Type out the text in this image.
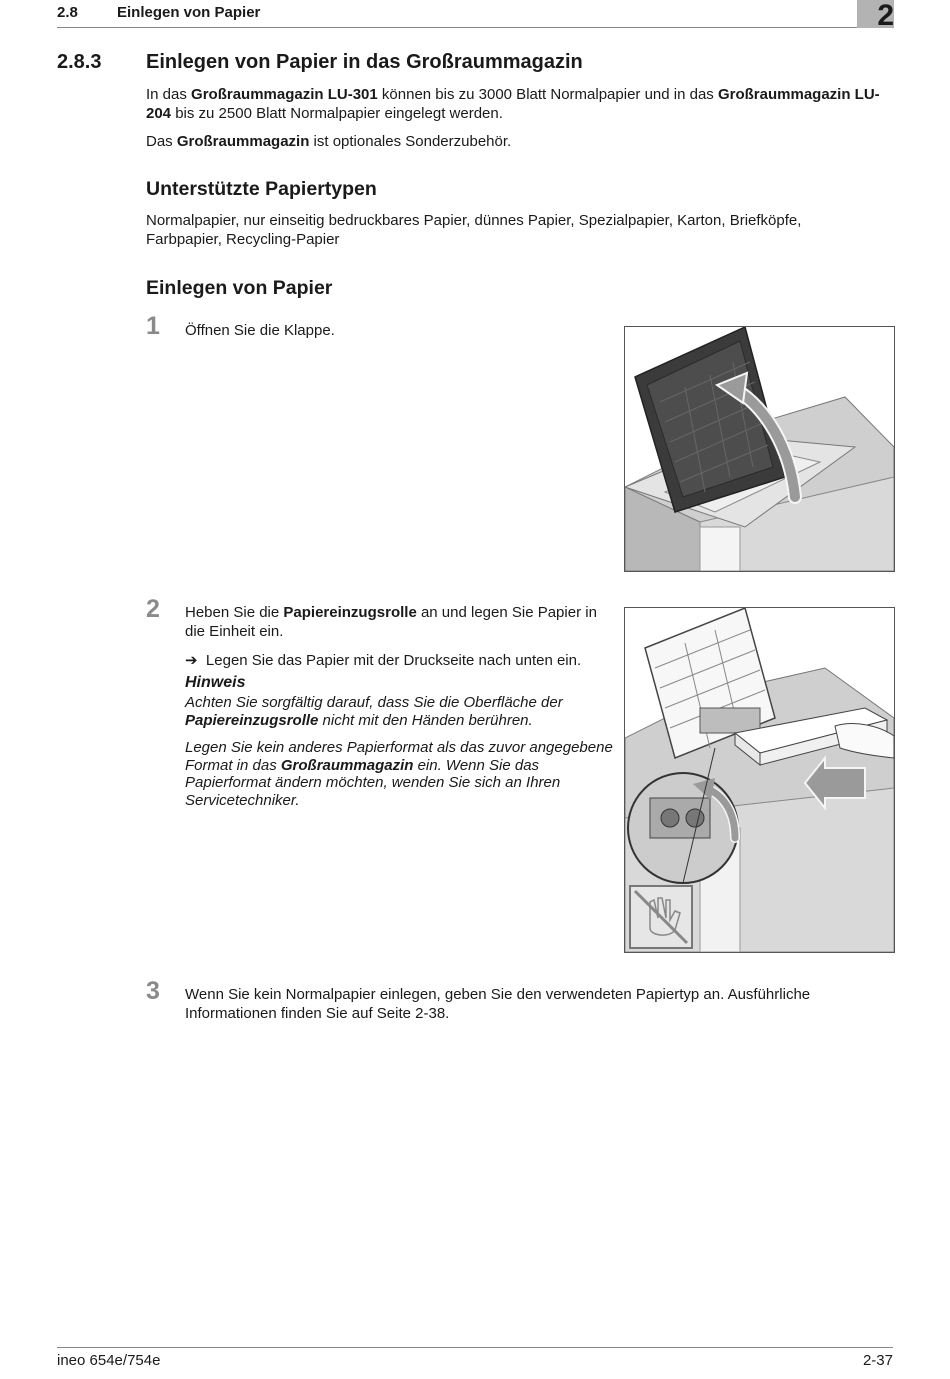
2.8	Einlegen von Papier	2
2.8.3 Einlegen von Papier in das Großraummagazin
In das Großraummagazin LU-301 können bis zu 3000 Blatt Normalpapier und in das Großraummagazin LU-204 bis zu 2500 Blatt Normalpapier eingelegt werden.
Das Großraummagazin ist optionales Sonderzubehör.
Unterstützte Papiertypen
Normalpapier, nur einseitig bedruckbares Papier, dünnes Papier, Spezialpapier, Karton, Briefköpfe, Farbpapier, Recycling-Papier
Einlegen von Papier
1 Öffnen Sie die Klappe.
2 Heben Sie die Papiereinzugsrolle an und legen Sie Papier in die Einheit ein.
➔ Legen Sie das Papier mit der Druckseite nach unten ein.
Hinweis
Achten Sie sorgfältig darauf, dass Sie die Oberfläche der Papiereinzugsrolle nicht mit den Händen berühren.
Legen Sie kein anderes Papierformat als das zuvor angegebene Format in das Großraummagazin ein. Wenn Sie das Papierformat ändern möchten, wenden Sie sich an Ihren Servicetechniker.
3 Wenn Sie kein Normalpapier einlegen, geben Sie den verwendeten Papiertyp an. Ausführliche Informationen finden Sie auf Seite 2-38.
ineo 654e/754e	2-37
